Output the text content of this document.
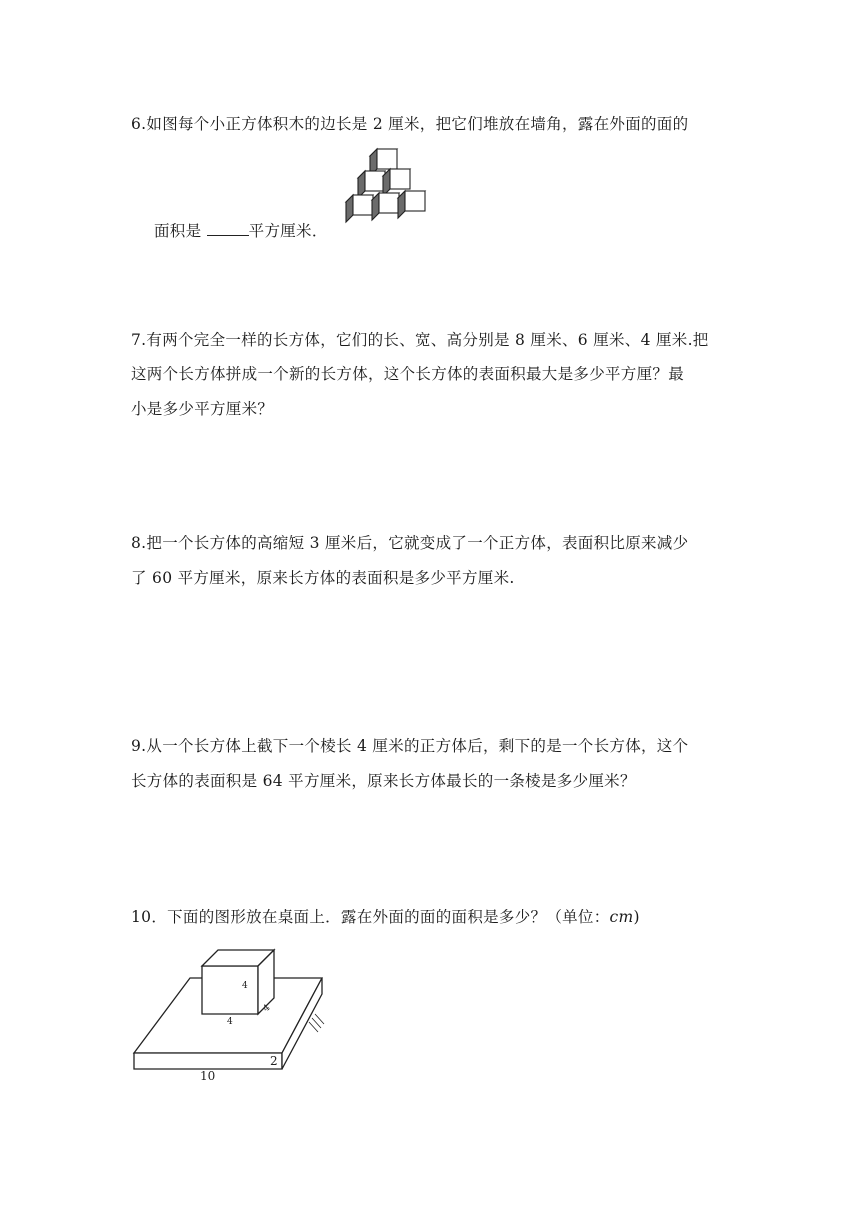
6.如图每个小正方体积木的边长是 2 厘米，把它们堆放在墙角，露在外面的面的
面积是	平方厘米．
7.有两个完全一样的长方体，它们的长、宽、高分别是 8 厘米、6 厘米、4 厘米.把
这两个长方体拼成一个新的长方体，这个长方体的表面积最大是多少平方厘？最
小是多少平方厘米？
8.把一个长方体的高缩短 3 厘米后，它就变成了一个正方体，表面积比原来减少
了 60 平方厘米，原来长方体的表面积是多少平方厘米.
9.从一个长方体上截下一个棱长 4 厘米的正方体后，剩下的是一个长方体，这个
长方体的表面积是 64 平方厘米，原来长方体最长的一条棱是多少厘米？
10．下面的图形放在桌面上．露在外面的面的面积是多少？（单位：cm)
4
4
4
2
10
